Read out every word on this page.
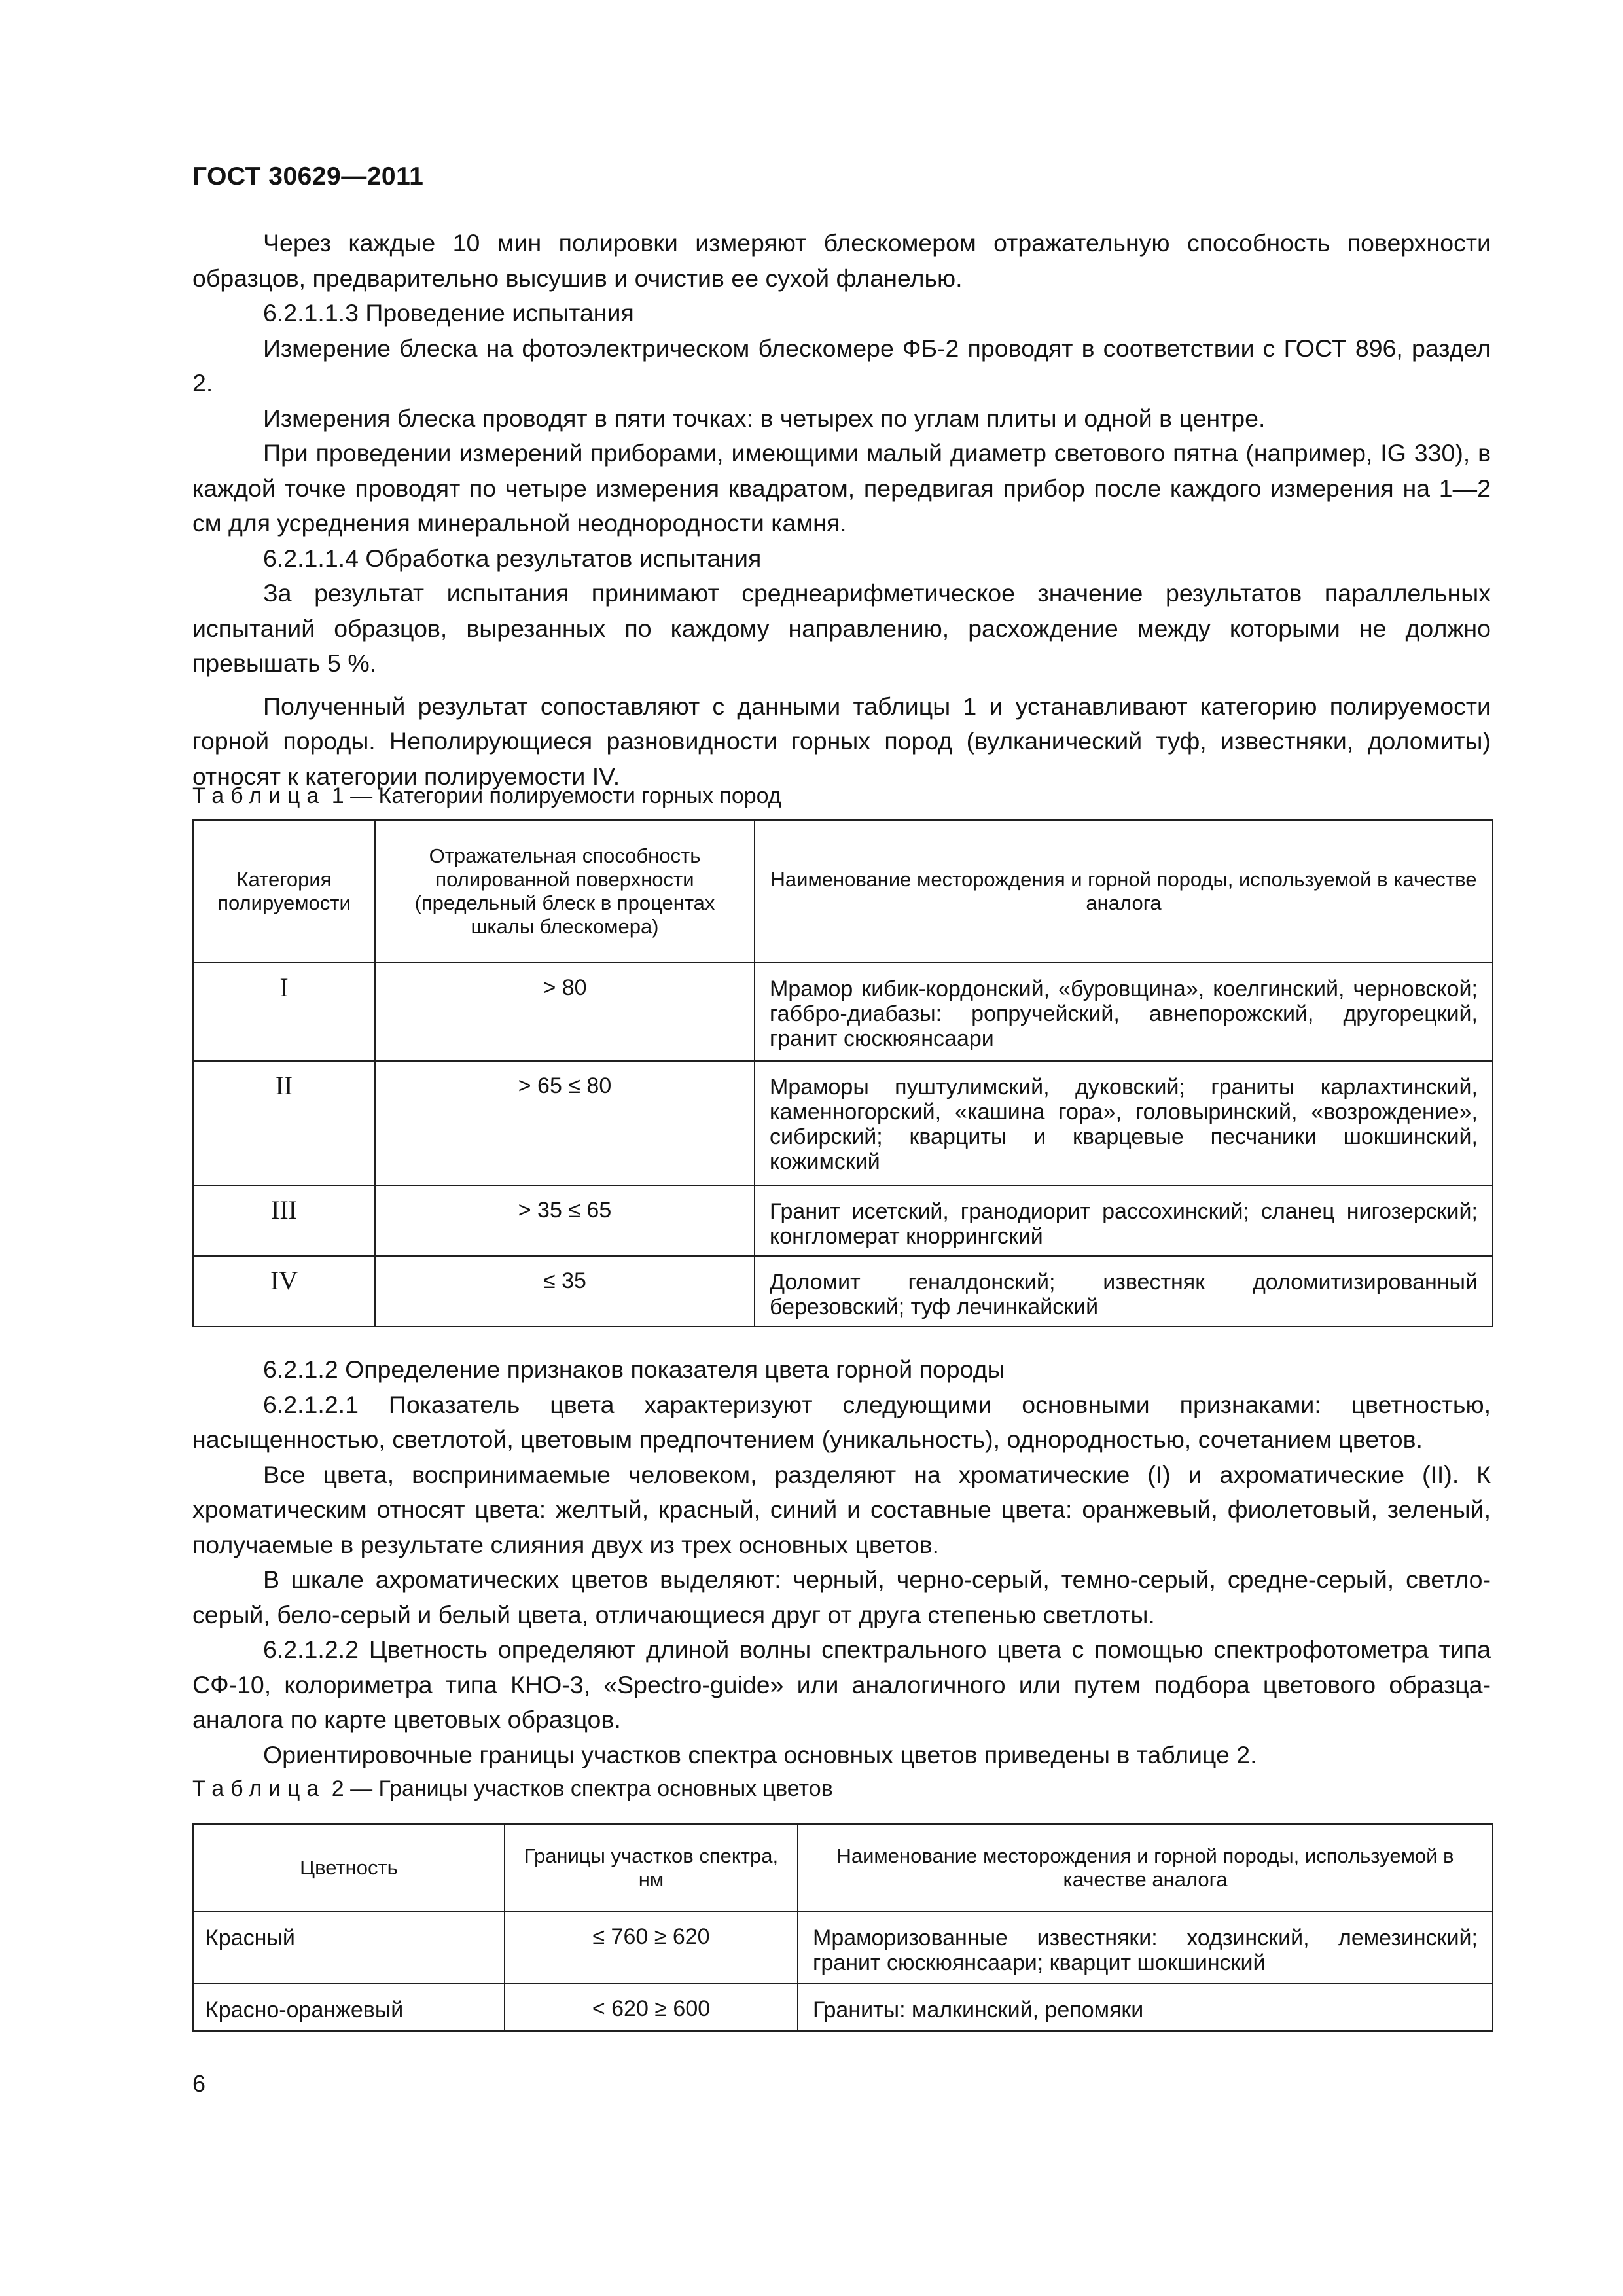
ГОСТ 30629—2011

Через каждые 10 мин полировки измеряют блескомером отражательную способность поверхности образцов, предварительно высушив и очистив ее сухой фланелью.

6.2.1.1.3 Проведение испытания

Измерение блеска на фотоэлектрическом блескомере ФБ-2 проводят в соответствии с ГОСТ 896, раздел 2.

Измерения блеска проводят в пяти точках: в четырех по углам плиты и одной в центре.

При проведении измерений приборами, имеющими малый диаметр светового пятна (например, IG 330), в каждой точке проводят по четыре измерения квадратом, передвигая прибор после каждого измерения на 1—2 см для усреднения минеральной неоднородности камня.

6.2.1.1.4 Обработка результатов испытания

За результат испытания принимают среднеарифметическое значение результатов параллельных испытаний образцов, вырезанных по каждому направлению, расхождение между которыми не должно превышать 5 %.

Полученный результат сопоставляют с данными таблицы 1 и устанавливают категорию полируемости горной породы. Неполирующиеся разновидности горных пород (вулканический туф, известняки, доломиты) относят к категории полируемости IV.

Таблица 1 — Категории полируемости горных пород
Категория полируемости	Отражательная способность полированной поверхности (предельный блеск в процентах шкалы блескомера)	Наименование месторождения и горной породы, используемой в качестве аналога
I	> 80	Мрамор кибик-кордонский, «буровщина», коелгинский, черновской; габбро-диабазы: ропручейский, авнепорожский, другорецкий, гранит сюскюянсаари
II	> 65 ≤ 80	Мраморы пуштулимский, дуковский; граниты карлахтинский, каменногорский, «кашина гора», головыринский, «возрождение», сибирский; кварциты и кварцевые песчаники шокшинский, кожимский
III	> 35 ≤ 65	Гранит исетский, гранодиорит рассохинский; сланец нигозерский; конгломерат кноррингский
IV	≤ 35	Доломит геналдонский; известняк доломитизированный березовский; туф лечинкайский

6.2.1.2 Определение признаков показателя цвета горной породы

6.2.1.2.1 Показатель цвета характеризуют следующими основными признаками: цветностью, насыщенностью, светлотой, цветовым предпочтением (уникальность), однородностью, сочетанием цветов.

Все цвета, воспринимаемые человеком, разделяют на хроматические (I) и ахроматические (II). К хроматическим относят цвета: желтый, красный, синий и составные цвета: оранжевый, фиолетовый, зеленый, получаемые в результате слияния двух из трех основных цветов.

В шкале ахроматических цветов выделяют: черный, черно-серый, темно-серый, средне-серый, светло-серый, бело-серый и белый цвета, отличающиеся друг от друга степенью светлоты.

6.2.1.2.2 Цветность определяют длиной волны спектрального цвета с помощью спектрофотометра типа СФ-10, колориметра типа КНО-3, «Spectro-guide» или аналогичного или путем подбора цветового образца-аналога по карте цветовых образцов.

Ориентировочные границы участков спектра основных цветов приведены в таблице 2.

Таблица 2 — Границы участков спектра основных цветов
Цветность	Границы участков спектра, нм	Наименование месторождения и горной породы, используемой в качестве аналога
Красный	≤ 760 ≥ 620	Мраморизованные известняки: ходзинский, лемезинский; гранит сюскюянсаари; кварцит шокшинский
Красно-оранжевый	< 620 ≥ 600	Граниты: малкинский, репомяки
6
